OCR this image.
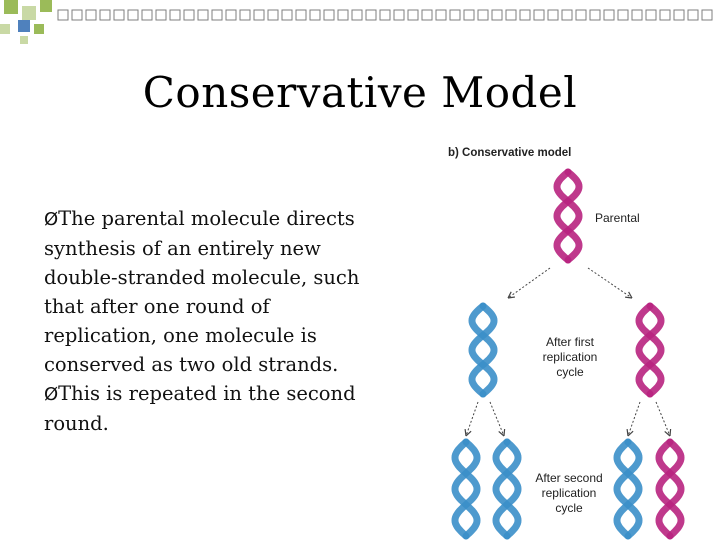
Conservative Model

ØThe parental molecule directs synthesis of an entirely new double-stranded molecule, such that after one round of replication, one molecule is conserved as two old strands.

ØThis is repeated in the second round.

b) Conservative model
Parental
After first
replication
cycle
After second
replication
cycle
